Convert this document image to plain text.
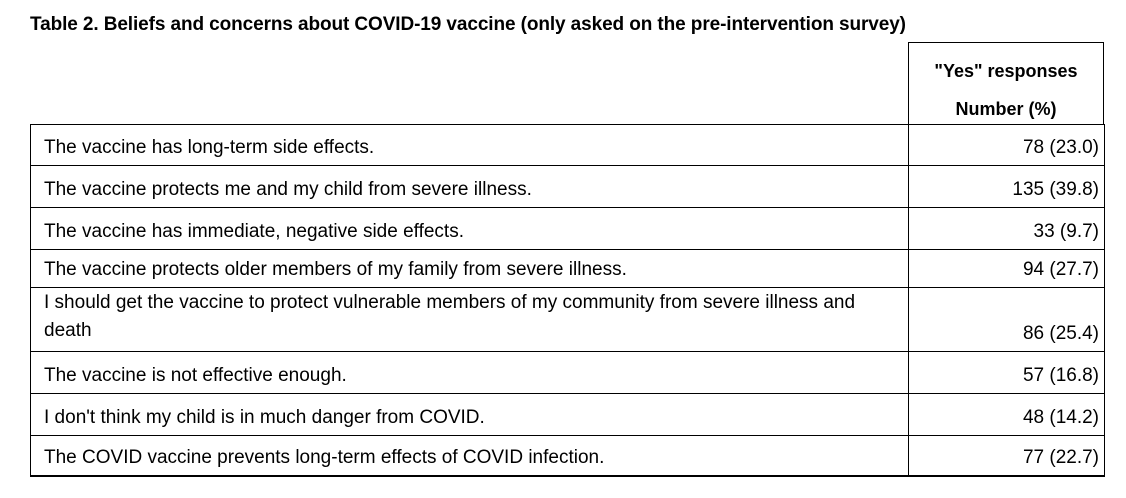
Table 2. Beliefs and concerns about COVID-19 vaccine (only asked on the pre-intervention survey)
"Yes" responses
Number (%)
The vaccine has long-term side effects.	78 (23.0)
The vaccine protects me and my child from severe illness.	135 (39.8)
The vaccine has immediate, negative side effects.	33 (9.7)
The vaccine protects older members of my family from severe illness.	94 (27.7)
I should get the vaccine to protect vulnerable members of my community from severe illness and death	86 (25.4)
The vaccine is not effective enough.	57 (16.8)
I don't think my child is in much danger from COVID.	48 (14.2)
The COVID vaccine prevents long-term effects of COVID infection.	77 (22.7)
